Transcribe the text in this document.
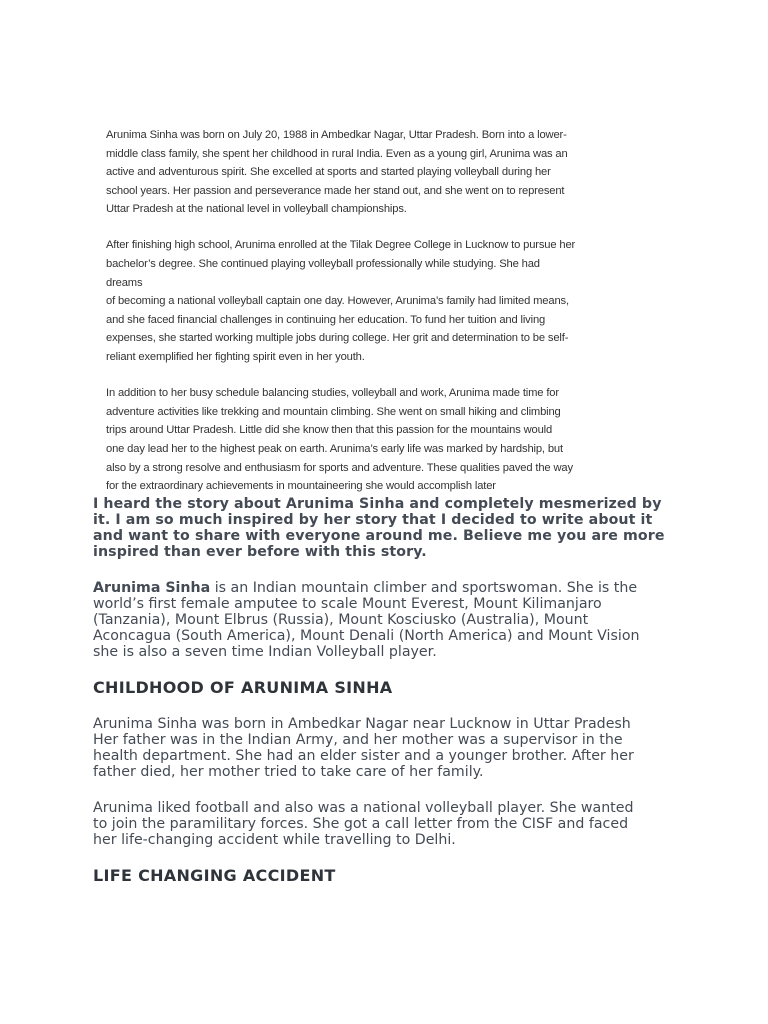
Arunima Sinha was born on July 20, 1988 in Ambedkar Nagar, Uttar Pradesh. Born into a lower-
middle class family, she spent her childhood in rural India. Even as a young girl, Arunima was an
active and adventurous spirit. She excelled at sports and started playing volleyball during her
school years. Her passion and perseverance made her stand out, and she went on to represent
Uttar Pradesh at the national level in volleyball championships.

After finishing high school, Arunima enrolled at the Tilak Degree College in Lucknow to pursue her
bachelor’s degree. She continued playing volleyball professionally while studying. She had dreams
of becoming a national volleyball captain one day. However, Arunima’s family had limited means,
and she faced financial challenges in continuing her education. To fund her tuition and living
expenses, she started working multiple jobs during college. Her grit and determination to be self-
reliant exemplified her fighting spirit even in her youth.

In addition to her busy schedule balancing studies, volleyball and work, Arunima made time for
adventure activities like trekking and mountain climbing. She went on small hiking and climbing
trips around Uttar Pradesh. Little did she know then that this passion for the mountains would
one day lead her to the highest peak on earth. Arunima’s early life was marked by hardship, but
also by a strong resolve and enthusiasm for sports and adventure. These qualities paved the way
for the extraordinary achievements in mountaineering she would accomplish later

I heard the story about Arunima Sinha and completely mesmerized by it. I am so much inspired by her story that I decided to write about it and want to share with everyone around me. Believe me you are more inspired than ever before with this story.

Arunima Sinha is an Indian mountain climber and sportswoman. She is the
world’s first female amputee to scale Mount Everest, Mount Kilimanjaro
(Tanzania), Mount Elbrus (Russia), Mount Kosciusko (Australia), Mount
Aconcagua (South America), Mount Denali (North America) and Mount Vision
she is also a seven time Indian Volleyball player.

CHILDHOOD OF ARUNIMA SINHA

Arunima Sinha was born in Ambedkar Nagar near Lucknow in Uttar Pradesh
Her father was in the Indian Army, and her mother was a supervisor in the
health department. She had an elder sister and a younger brother. After her
father died, her mother tried to take care of her family.

Arunima liked football and also was a national volleyball player. She wanted
to join the paramilitary forces. She got a call letter from the CISF and faced
her life-changing accident while travelling to Delhi.

LIFE CHANGING ACCIDENT
